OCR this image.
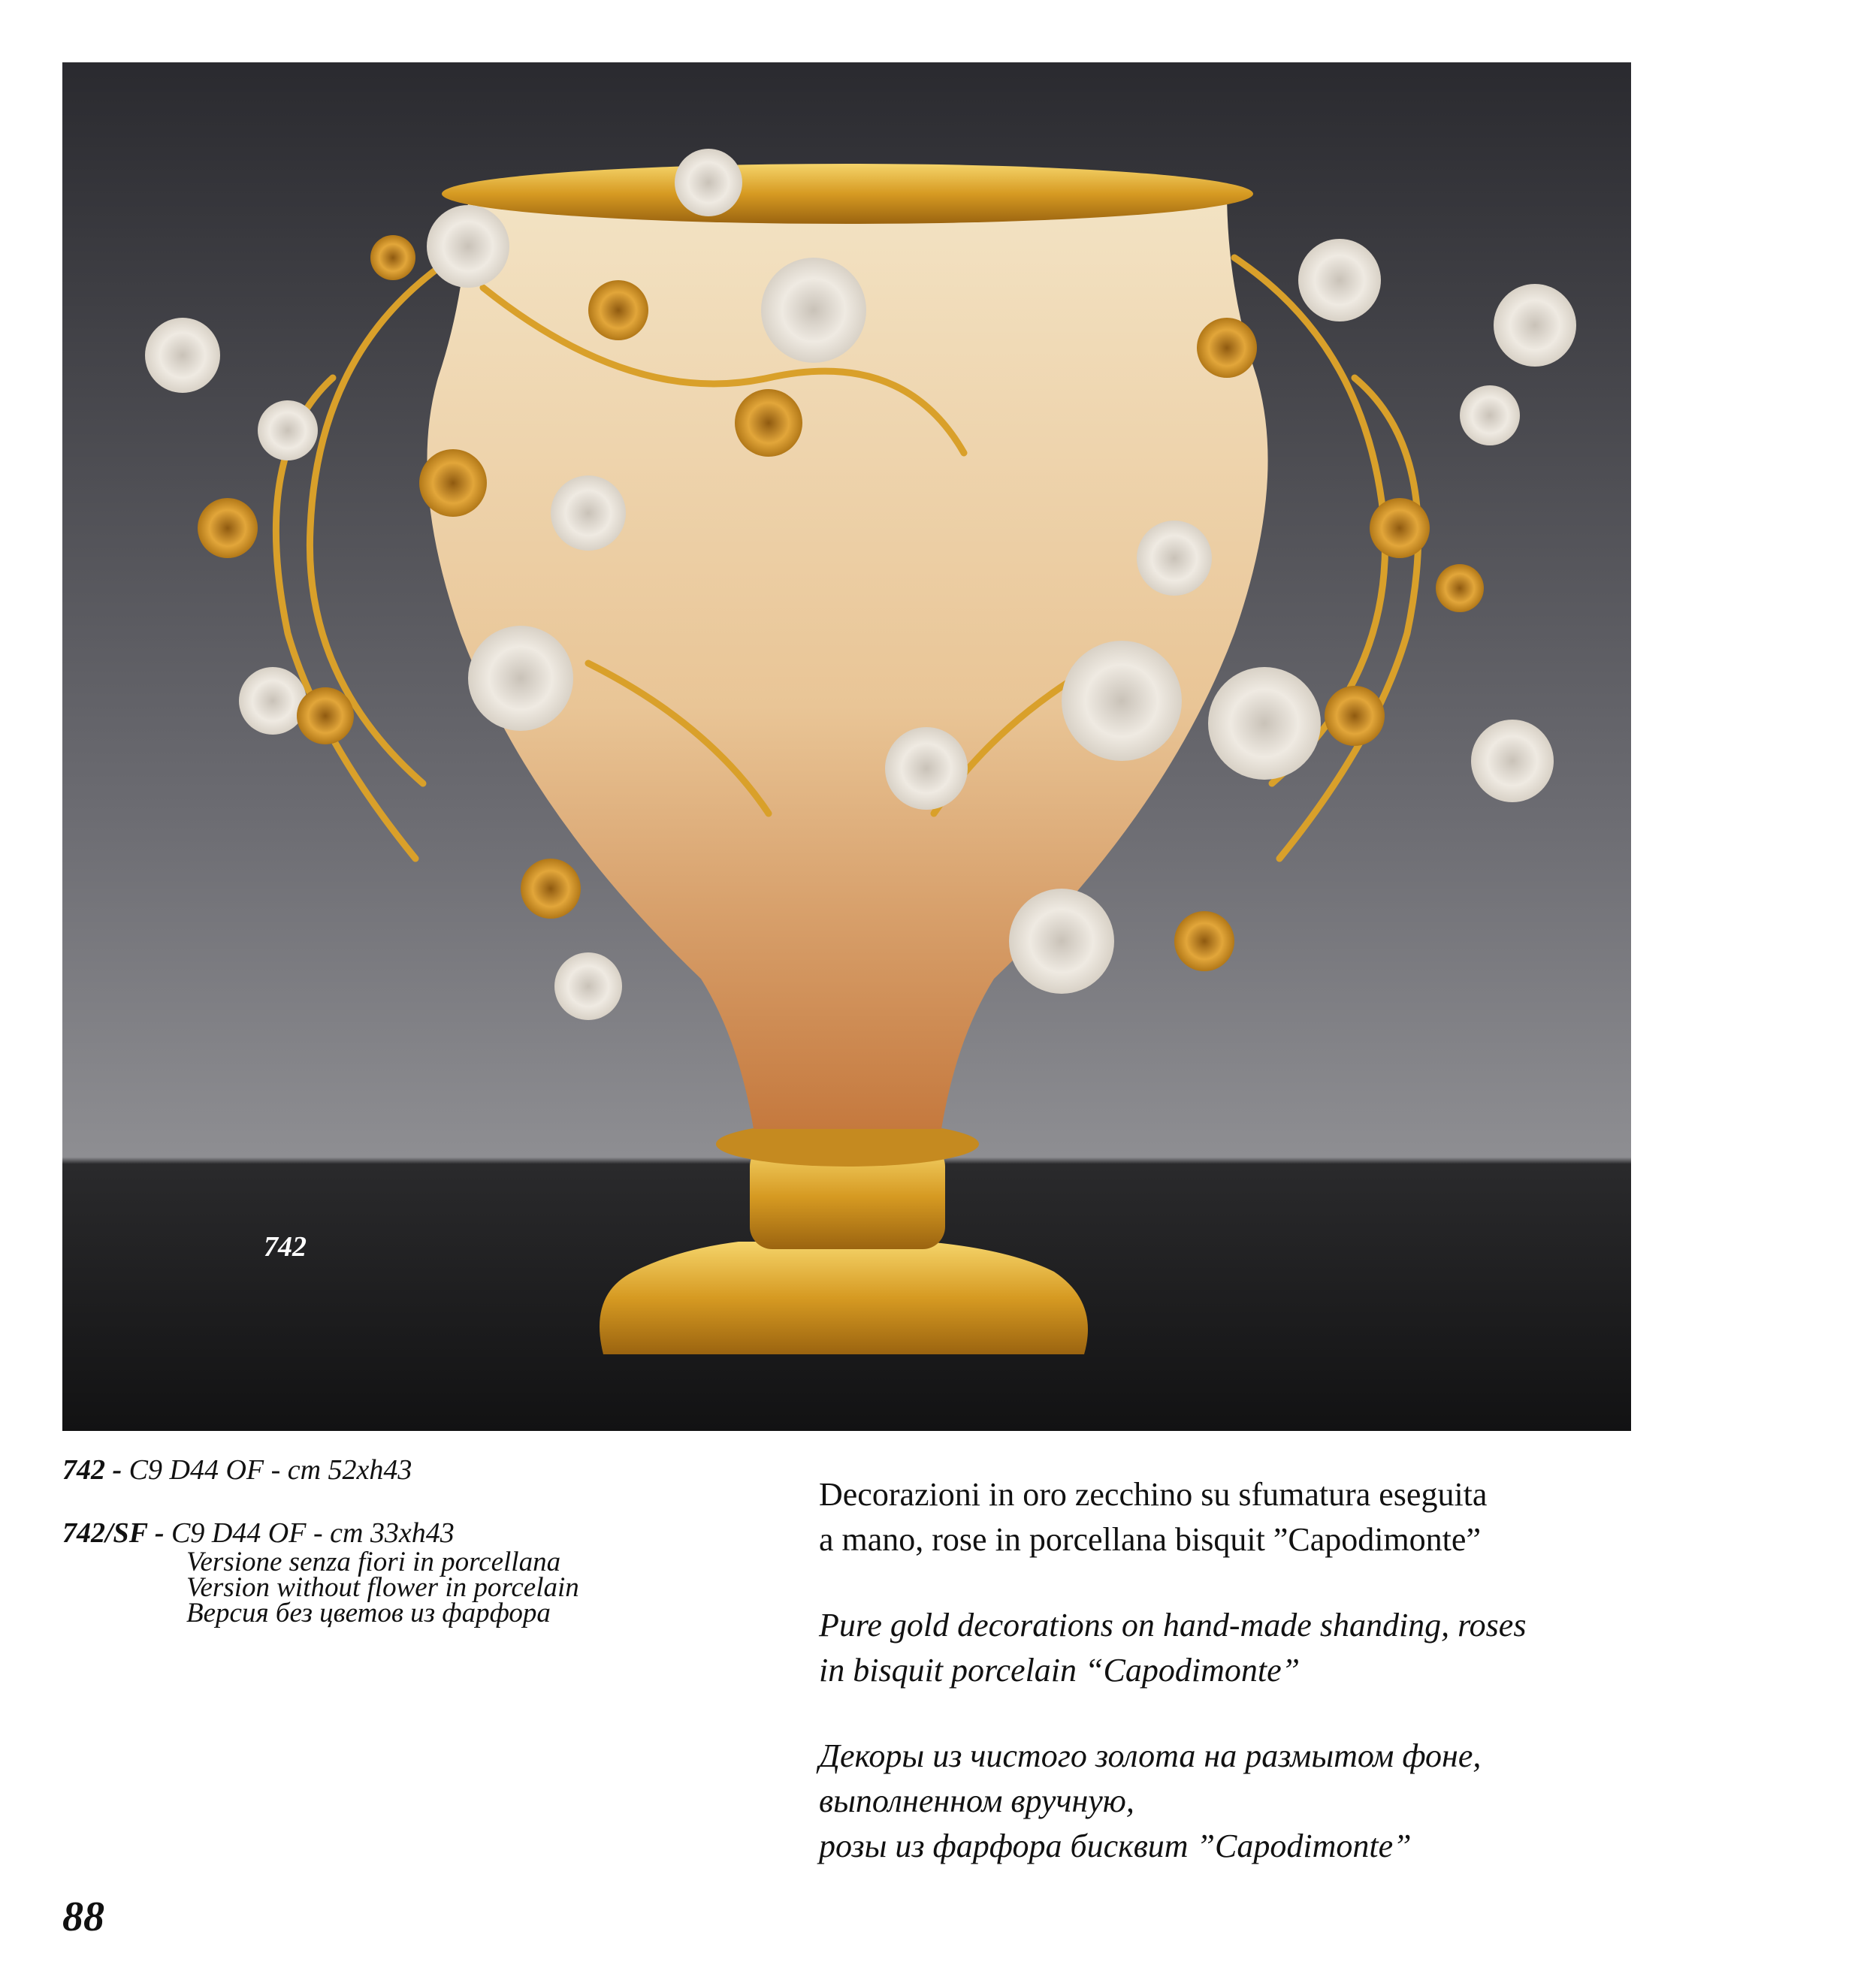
742
742 - C9 D44 OF - cm 52xh43
742/SF - C9 D44 OF - cm 33xh43
Versione senza fiori in porcellana
Version without flower in porcelain
Версия без цветов из фарфора

Decorazioni in oro zecchino su sfumatura eseguita
a mano, rose in porcellana bisquit ”Capodimonte”

Pure gold decorations on hand-made shanding, roses
in bisquit porcelain “Capodimonte”

Декоры из чистого золота на размытом фоне,
выполненном вручную,
розы из фарфора бисквит ”Capodimonte”

88
